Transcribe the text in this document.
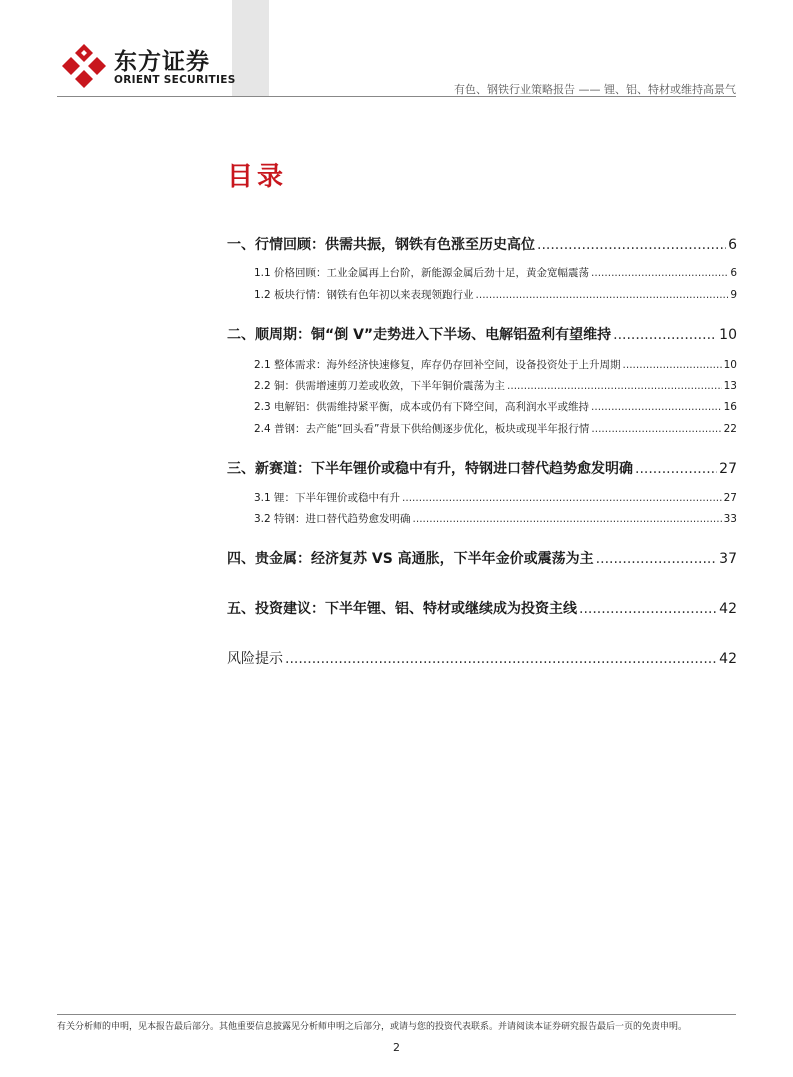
东方证券
ORIENT SECURITIES
有色、钢铁行业策略报告 —— 锂、铝、特材或维持高景气
目录
一、行情回顾：供需共振，钢铁有色涨至历史高位 .....	6
1.1 价格回顾：工业金属再上台阶，新能源金属后劲十足，黄金宽幅震荡 .....	6
1.2 板块行情：钢铁有色年初以来表现领跑行业 .....	9
二、顺周期：铜“倒 V”走势进入下半场、电解铝盈利有望维持 .....	10
2.1 整体需求：海外经济快速修复，库存仍存回补空间，设备投资处于上升周期 .....	10
2.2 铜：供需增速剪刀差或收敛，下半年铜价震荡为主 .....	13
2.3 电解铝：供需维持紧平衡，成本或仍有下降空间，高利润水平或维持 .....	16
2.4 普钢：去产能“回头看”背景下供给侧逐步优化，板块或现半年报行情 .....	22
三、新赛道：下半年锂价或稳中有升，特钢进口替代趋势愈发明确 .....	27
3.1 锂：下半年锂价或稳中有升 .....	27
3.2 特钢：进口替代趋势愈发明确 .....	33
四、贵金属：经济复苏 VS 高通胀，下半年金价或震荡为主 .....	37
五、投资建议：下半年锂、铝、特材或继续成为投资主线 .....	42
风险提示 .....	42
有关分析师的申明，见本报告最后部分。其他重要信息披露见分析师申明之后部分，或请与您的投资代表联系。并请阅读本证券研究报告最后一页的免责申明。
2
